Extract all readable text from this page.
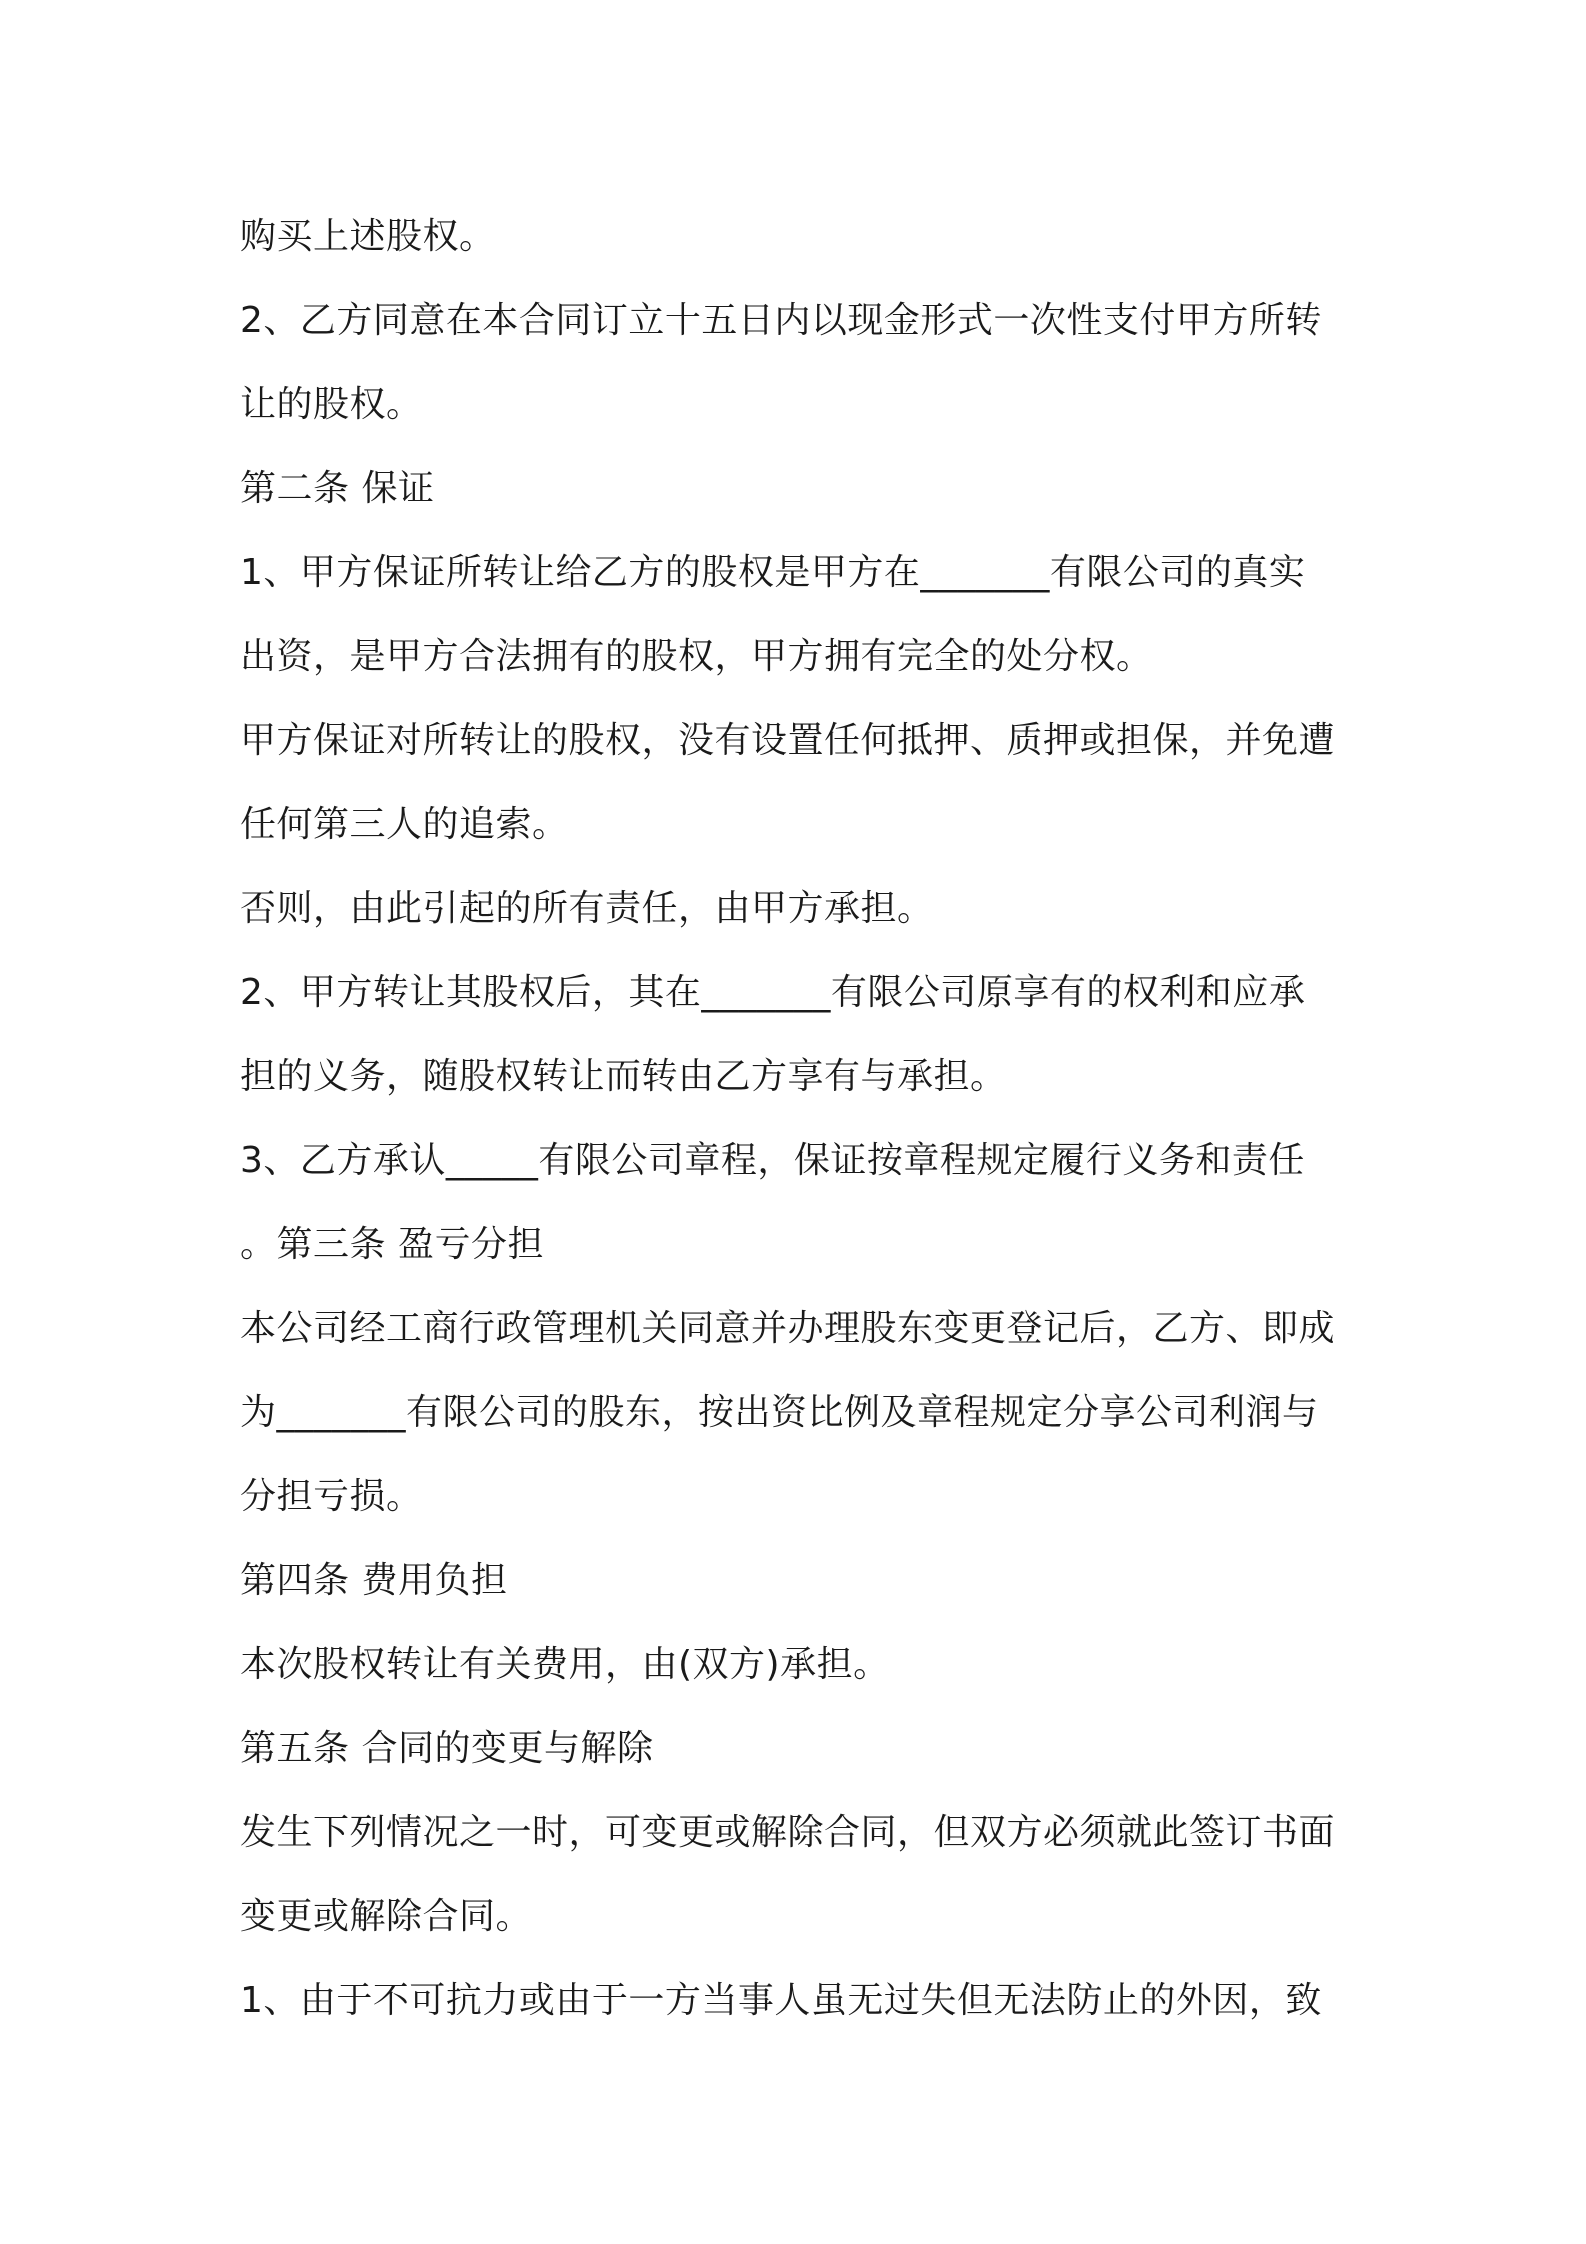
购买上述股权。
2、乙方同意在本合同订立十五日内以现金形式一次性支付甲方所转
让的股权。
第二条 保证
1、甲方保证所转让给乙方的股权是甲方在_______有限公司的真实
出资，是甲方合法拥有的股权，甲方拥有完全的处分权。
甲方保证对所转让的股权，没有设置任何抵押、质押或担保，并免遭
任何第三人的追索。
否则，由此引起的所有责任，由甲方承担。
2、甲方转让其股权后，其在_______有限公司原享有的权利和应承
担的义务，随股权转让而转由乙方享有与承担。
3、乙方承认_____有限公司章程，保证按章程规定履行义务和责任
。第三条 盈亏分担
本公司经工商行政管理机关同意并办理股东变更登记后，乙方、即成
为_______有限公司的股东，按出资比例及章程规定分享公司利润与
分担亏损。
第四条 费用负担
本次股权转让有关费用，由(双方)承担。
第五条 合同的变更与解除
发生下列情况之一时，可变更或解除合同，但双方必须就此签订书面
变更或解除合同。
1、由于不可抗力或由于一方当事人虽无过失但无法防止的外因，致
